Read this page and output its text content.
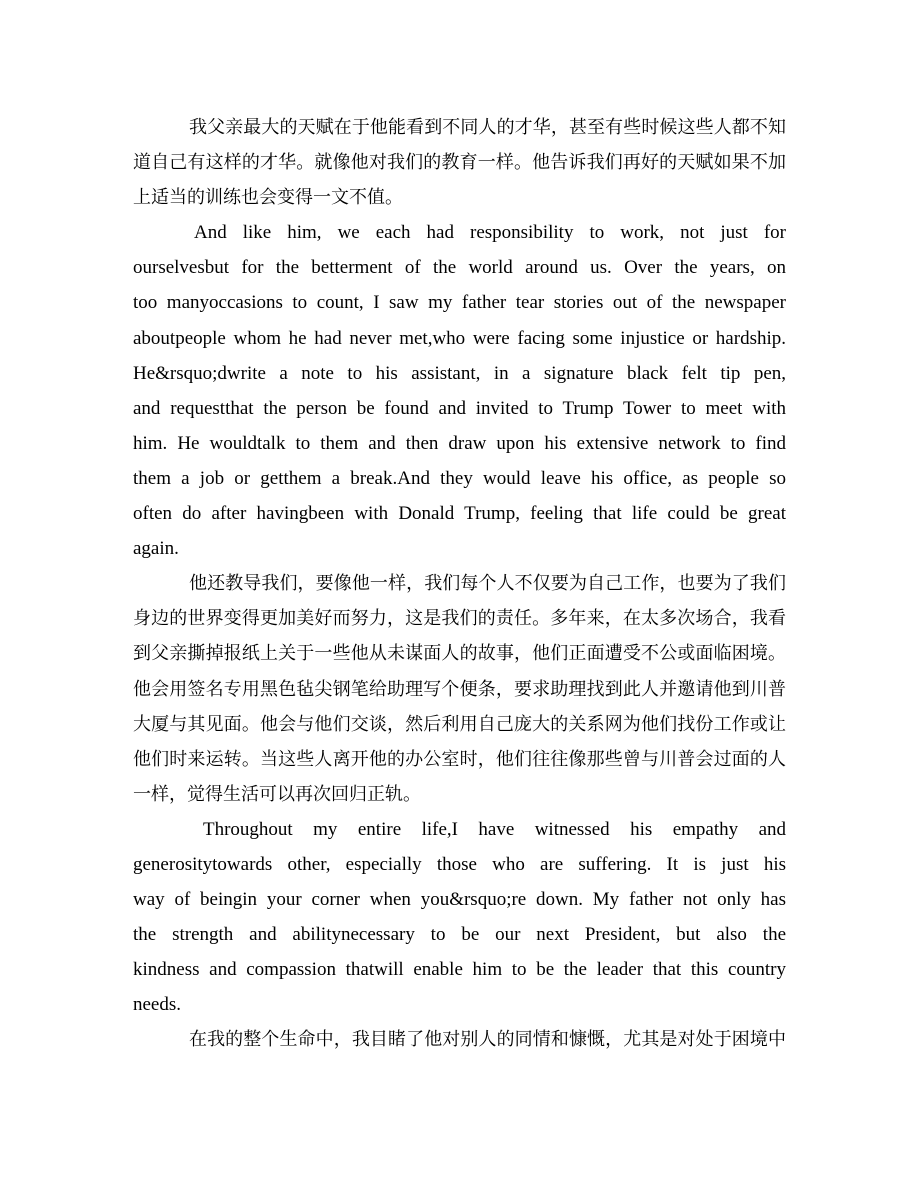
我父亲最大的天赋在于他能看到不同人的才华，甚至有些时候这些人都不知
道自己有这样的才华。就像他对我们的教育一样。他告诉我们再好的天赋如果不加
上适当的训练也会变得一文不值。
And like him, we each had responsibility to work, not just for
ourselvesbut for the betterment of the world around us. Over the years, on
too manyoccasions to count, I saw my father tear stories out of the newspaper
aboutpeople whom he had never met,who were facing some injustice or hardship.
He&rsquo;dwrite a note to his assistant, in a signature black felt tip pen,
and requestthat the person be found and invited to Trump Tower to meet with
him. He wouldtalk to them and then draw upon his extensive network to find
them a job or getthem a break.And they would leave his office, as people so
often do after havingbeen with Donald Trump, feeling that life could be great
again.
他还教导我们，要像他一样，我们每个人不仅要为自己工作，也要为了我们
身边的世界变得更加美好而努力，这是我们的责任。多年来，在太多次场合，我看
到父亲撕掉报纸上关于一些他从未谋面人的故事，他们正面遭受不公或面临困境。
他会用签名专用黑色毡尖钢笔给助理写个便条，要求助理找到此人并邀请他到川普
大厦与其见面。他会与他们交谈，然后利用自己庞大的关系网为他们找份工作或让
他们时来运转。当这些人离开他的办公室时，他们往往像那些曾与川普会过面的人
一样，觉得生活可以再次回归正轨。
Throughout my entire life,I have witnessed his empathy and
generositytowards other, especially those who are suffering. It is just his
way of beingin your corner when you&rsquo;re down. My father not only has
the strength and abilitynecessary to be our next President, but also the
kindness and compassion thatwill enable him to be the leader that this country
needs.
在我的整个生命中，我目睹了他对别人的同情和慷慨，尤其是对处于困境中
